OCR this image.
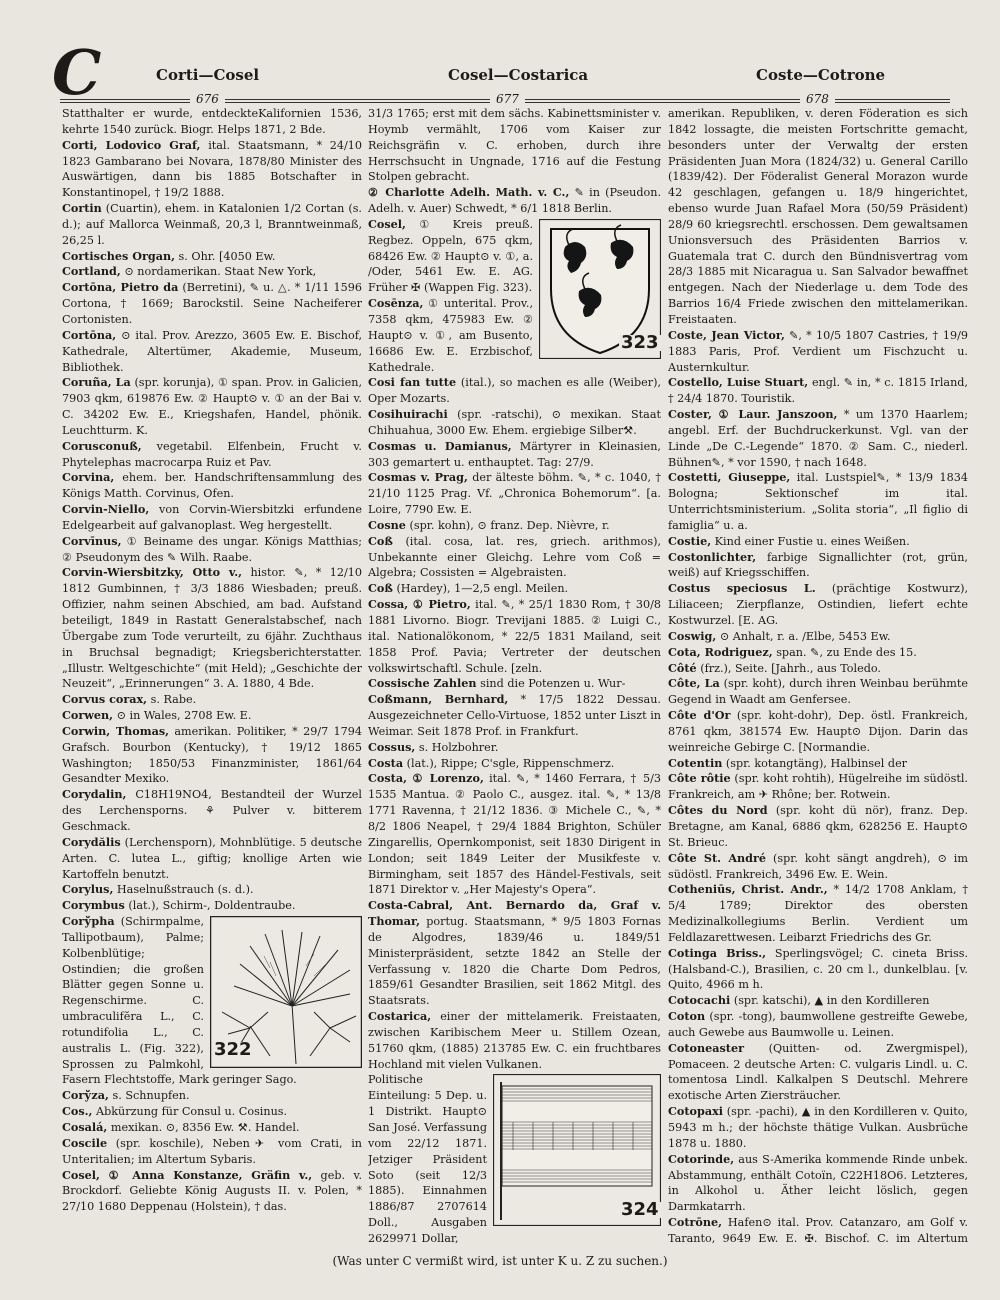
C	Corti—Cosel	Cosel—Costarica	Coste—Cotrone
676	677	678

Statthalter er wurde, entdeckteKalifornien 1536, kehrte 1540 zurück. Biogr. Helps 1871, 2 Bde.

Corti, Lodovico Graf, ital. Staatsmann, * 24/10 1823 Gambarano bei Novara, 1878/80 Minister des Auswärtigen, dann bis 1885 Botschafter in Konstantinopel, † 19/2 1888.

Cortin (Cuartin), ehem. in Katalonien 1/2 Cortan (s. d.); auf Mallorca Weinmaß, 20,3 l, Branntweinmaß, 26,25 l.

Cortisches Organ, s. Ohr. [4050 Ew.

Cortland, ⊙ nordamerikan. Staat New York,

Cortōna, Pietro da (Berretini), ✎ u. △. * 1/11 1596 Cortona, † 1669; Barockstil. Seine Nacheiferer Cortonisten.

Cortōna, ⊙ ital. Prov. Arezzo, 3605 Ew. E. Bischof, Kathedrale, Altertümer, Akademie, Museum, Bibliothek.

Coruña, La (spr. korunja), ① span. Prov. in Galicien, 7903 qkm, 619876 Ew. ② Haupt⊙ v. ① an der Bai v. C. 34202 Ew. E., Kriegshafen, Handel, phönik. Leuchtturm. K.

Corusconuß, vegetabil. Elfenbein, Frucht v. Phytelephas macrocarpa Ruiz et Pav.

Corvina, ehem. ber. Handschriftensammlung des Königs Matth. Corvinus, Ofen.

Corvin-Niello, von Corvin-Wiersbitzki erfundene Edelgearbeit auf galvanoplast. Weg hergestellt.

Corvīnus, ① Beiname des ungar. Königs Matthias; ② Pseudonym des ✎ Wilh. Raabe.

Corvin-Wiersbitzky, Otto v., histor. ✎, * 12/10 1812 Gumbinnen, † 3/3 1886 Wiesbaden; preuß. Offizier, nahm seinen Abschied, am bad. Aufstand beteiligt, 1849 in Rastatt Generalstabschef, nach Übergabe zum Tode verurteilt, zu 6jähr. Zuchthaus in Bruchsal begnadigt; Kriegsberichterstatter. „Illustr. Weltgeschichte“ (mit Held); „Geschichte der Neuzeit“, „Erinnerungen“ 3. A. 1880, 4 Bde.

Corvus corax, s. Rabe.

Corwen, ⊙ in Wales, 2708 Ew. E.

Corwin, Thomas, amerikan. Politiker, * 29/7 1794 Grafsch. Bourbon (Kentucky), † 19/12 1865 Washington; 1850/53 Finanzminister, 1861/64 Gesandter Mexiko.

Corydalin, C18H19NO4, Bestandteil der Wurzel des Lerchensporns. ⚘ Pulver v. bitterem Geschmack.

Corydălis (Lerchensporn), Mohnblütige. 5 deutsche Arten. C. lutea L., giftig; knollige Arten wie Kartoffeln benutzt.

Corylus, Haselnußstrauch (s. d.).

Corymbus (lat.), Schirm-, Doldentraube.

322

Corўpha (Schirmpalme, Tallipotbaum), Palme; Kolbenblütige; Ostindien; die großen Blätter gegen Sonne u. Regenschirme. C. umbraculifĕra L., C. rotundifolia L., C. australis L. (Fig. 322), Sprossen zu Palmkohl, Fasern Flechtstoffe, Mark geringer Sago.

Corўza, s. Schnupfen.

Cos., Abkürzung für Consul u. Cosinus.

Cosalá, mexikan. ⊙, 8356 Ew. ⚒. Handel.

Coscile (spr. koschile), Neben✈ vom Crati, in Unteritalien; im Altertum Sybaris.

Cosel, ① Anna Konstanze, Gräfin v., geb. v. Brockdorf. Geliebte König Augusts II. v. Polen, * 27/10 1680 Deppenau (Holstein), † das.

31/3 1765; erst mit dem sächs. Kabinettsminister v. Hoymb vermählt, 1706 vom Kaiser zur Reichsgräfin v. C. erhoben, durch ihre Herrschsucht in Ungnade, 1716 auf die Festung Stolpen gebracht.

② Charlotte Adelh. Math. v. C., ✎ in (Pseudon. Adelh. v. Auer) Schwedt, * 6/1 1818 Berlin.

323

Cosel, ① Kreis preuß. Regbez. Oppeln, 675 qkm, 68426 Ew. ② Haupt⊙ v. ①, a. /Oder, 5461 Ew. E. AG. Früher ✠ (Wappen Fig. 323).

Cosēnza, ① unterital. Prov., 7358 qkm, 475983 Ew. ② Haupt⊙ v. ①, am Busento, 16686 Ew. E. Erzbischof, Kathedrale.

Cosi fan tutte (ital.), so machen es alle (Weiber), Oper Mozarts.

Cosihuirachi (spr. -ratschi), ⊙ mexikan. Staat Chihuahua, 3000 Ew. Ehem. ergiebige Silber⚒.

Cosmas u. Damianus, Märtyrer in Kleinasien, 303 gemartert u. enthauptet. Tag: 27/9.

Cosmas v. Prag, der älteste böhm. ✎, * c. 1040, † 21/10 1125 Prag. Vf. „Chronica Bohemorum“. [a. Loire, 7790 Ew. E.

Cosne (spr. kohn), ⊙ franz. Dep. Nièvre, r.

Coß (ital. cosa, lat. res, griech. arithmos), Unbekannte einer Gleichg. Lehre vom Coß = Algebra; Cossisten = Algebraisten.

Coß (Hardey), 1—2,5 engl. Meilen.

Cossa, ① Pietro, ital. ✎, * 25/1 1830 Rom, † 30/8 1881 Livorno. Biogr. Trevijani 1885. ② Luigi C., ital. Nationalökonom, * 22/5 1831 Mailand, seit 1858 Prof. Pavia; Vertreter der deutschen volkswirtschaftl. Schule. [zeln.

Cossische Zahlen sind die Potenzen u. Wur-

Coßmann, Bernhard, * 17/5 1822 Dessau. Ausgezeichneter Cello-Virtuose, 1852 unter Liszt in Weimar. Seit 1878 Prof. in Frankfurt.

Cossus, s. Holzbohrer.

Costa (lat.), Rippe; C'sgle, Rippenschmerz.

Costa, ① Lorenzo, ital. ✎, * 1460 Ferrara, † 5/3 1535 Mantua. ② Paolo C., ausgez. ital. ✎, * 13/8 1771 Ravenna, † 21/12 1836. ③ Michele C., ✎, * 8/2 1806 Neapel, † 29/4 1884 Brighton, Schüler Zingarellis, Opernkomponist, seit 1830 Dirigent in London; seit 1849 Leiter der Musikfeste v. Birmingham, seit 1857 des Händel-Festivals, seit 1871 Direktor v. „Her Majesty's Opera“.

Costa-Cabral, Ant. Bernardo da, Graf v. Thomar, portug. Staatsmann, * 9/5 1803 Fornas de Algodres, 1839/46 u. 1849/51 Ministerpräsident, setzte 1842 an Stelle der Verfassung v. 1820 die Charte Dom Pedros, 1859/61 Gesandter Brasilien, seit 1862 Mitgl. des Staatsrats.

Costarica, einer der mittelamerik. Freistaaten, zwischen Karibischem Meer u. Stillem Ozean, 51760 qkm, (1885) 213785 Ew. C. ein fruchtbares Hochland mit vielen Vulkanen.

324

Politische Einteilung: 5 Dep. u. 1 Distrikt. Haupt⊙ San José. Verfassung vom 22/12 1871. Jetziger Präsident Soto (seit 12/3 1885). Einnahmen 1886/87 2707614 Doll., Ausgaben 2629971 Dollar,

amerikan. Republiken, v. deren Föderation es sich 1842 lossagte, die meisten Fortschritte gemacht, besonders unter der Verwaltg der ersten Präsidenten Juan Mora (1824/32) u. General Carillo (1839/42). Der Föderalist General Morazon wurde 42 geschlagen, gefangen u. 18/9 hingerichtet, ebenso wurde Juan Rafael Mora (50/59 Präsident) 28/9 60 kriegsrechtl. erschossen. Dem gewaltsamen Unionsversuch des Präsidenten Barrios v. Guatemala trat C. durch den Bündnisvertrag vom 28/3 1885 mit Nicaragua u. San Salvador bewaffnet entgegen. Nach der Niederlage u. dem Tode des Barrios 16/4 Friede zwischen den mittelamerikan. Freistaaten.

Coste, Jean Victor, ✎, * 10/5 1807 Castries, † 19/9 1883 Paris, Prof. Verdient um Fischzucht u. Austernkultur.

Costello, Luise Stuart, engl. ✎ in, * c. 1815 Irland, † 24/4 1870. Touristik.

Coster, ① Laur. Janszoon, * um 1370 Haarlem; angebl. Erf. der Buchdruckerkunst. Vgl. van der Linde „De C.-Legende“ 1870. ② Sam. C., niederl. Bühnen✎, * vor 1590, † nach 1648.

Costetti, Giuseppe, ital. Lustspiel✎, * 13/9 1834 Bologna; Sektionschef im ital. Unterrichtsministerium. „Solita storia“, „Il figlio di famiglia“ u. a.

Costie, Kind einer Fustie u. eines Weißen.

Costonlichter, farbige Signallichter (rot, grün, weiß) auf Kriegsschiffen.

Costus speciosus L. (prächtige Kostwurz), Liliaceen; Zierpflanze, Ostindien, liefert echte Kostwurzel. [E. AG.

Coswig, ⊙ Anhalt, r. a. /Elbe, 5453 Ew.

Cota, Rodriguez, span. ✎, zu Ende des 15.

Côté (frz.), Seite. [Jahrh., aus Toledo.

Côte, La (spr. koht), durch ihren Weinbau berühmte Gegend in Waadt am Genfersee.

Côte d'Or (spr. koht-dohr), Dep. östl. Frankreich, 8761 qkm, 381574 Ew. Haupt⊙ Dijon. Darin das weinreiche Gebirge C. [Normandie.

Cotentin (spr. kotangtäng), Halbinsel der

Côte rôtie (spr. koht rohtih), Hügelreihe im südöstl. Frankreich, am ✈ Rhône; ber. Rotwein.

Côtes du Nord (spr. koht dü nör), franz. Dep. Bretagne, am Kanal, 6886 qkm, 628256 E. Haupt⊙ St. Brieuc.

Côte St. André (spr. koht sängt angdreh), ⊙ im südöstl. Frankreich, 3496 Ew. E. Wein.

Cotheniūs, Christ. Andr., * 14/2 1708 Anklam, † 5/4 1789; Direktor des obersten Medizinalkollegiums Berlin. Verdient um Feldlazarettwesen. Leibarzt Friedrichs des Gr.

Cotinga Briss., Sperlingsvögel; C. cineta Briss. (Halsband-C.), Brasilien, c. 20 cm l., dunkelblau. [v. Quito, 4966 m h.

Cotocachi (spr. katschi), ▲ in den Kordilleren

Coton (spr. -tong), baumwollene gestreifte Gewebe, auch Gewebe aus Baumwolle u. Leinen.

Cotoneaster (Quitten- od. Zwergmispel), Pomaceen. 2 deutsche Arten: C. vulgaris Lindl. u. C. tomentosa Lindl. Kalkalpen S Deutschl. Mehrere exotische Arten Ziersträucher.

Cotopaxi (spr. -pachi), ▲ in den Kordilleren v. Quito, 5943 m h.; der höchste thätige Vulkan. Ausbrüche 1878 u. 1880.

Cotorinde, aus S-Amerika kommende Rinde unbek. Abstammung, enthält Cotoïn, C22H18O6. Letzteres, in Alkohol u. Äther leicht löslich, gegen Darmkatarrh.

Cotrōne, Hafen⊙ ital. Prov. Catanzaro, am Golf v. Taranto, 9649 Ew. E. ✠. Bischof. C. im Altertum

(Was unter C vermißt wird, ist unter K u. Z zu suchen.)
